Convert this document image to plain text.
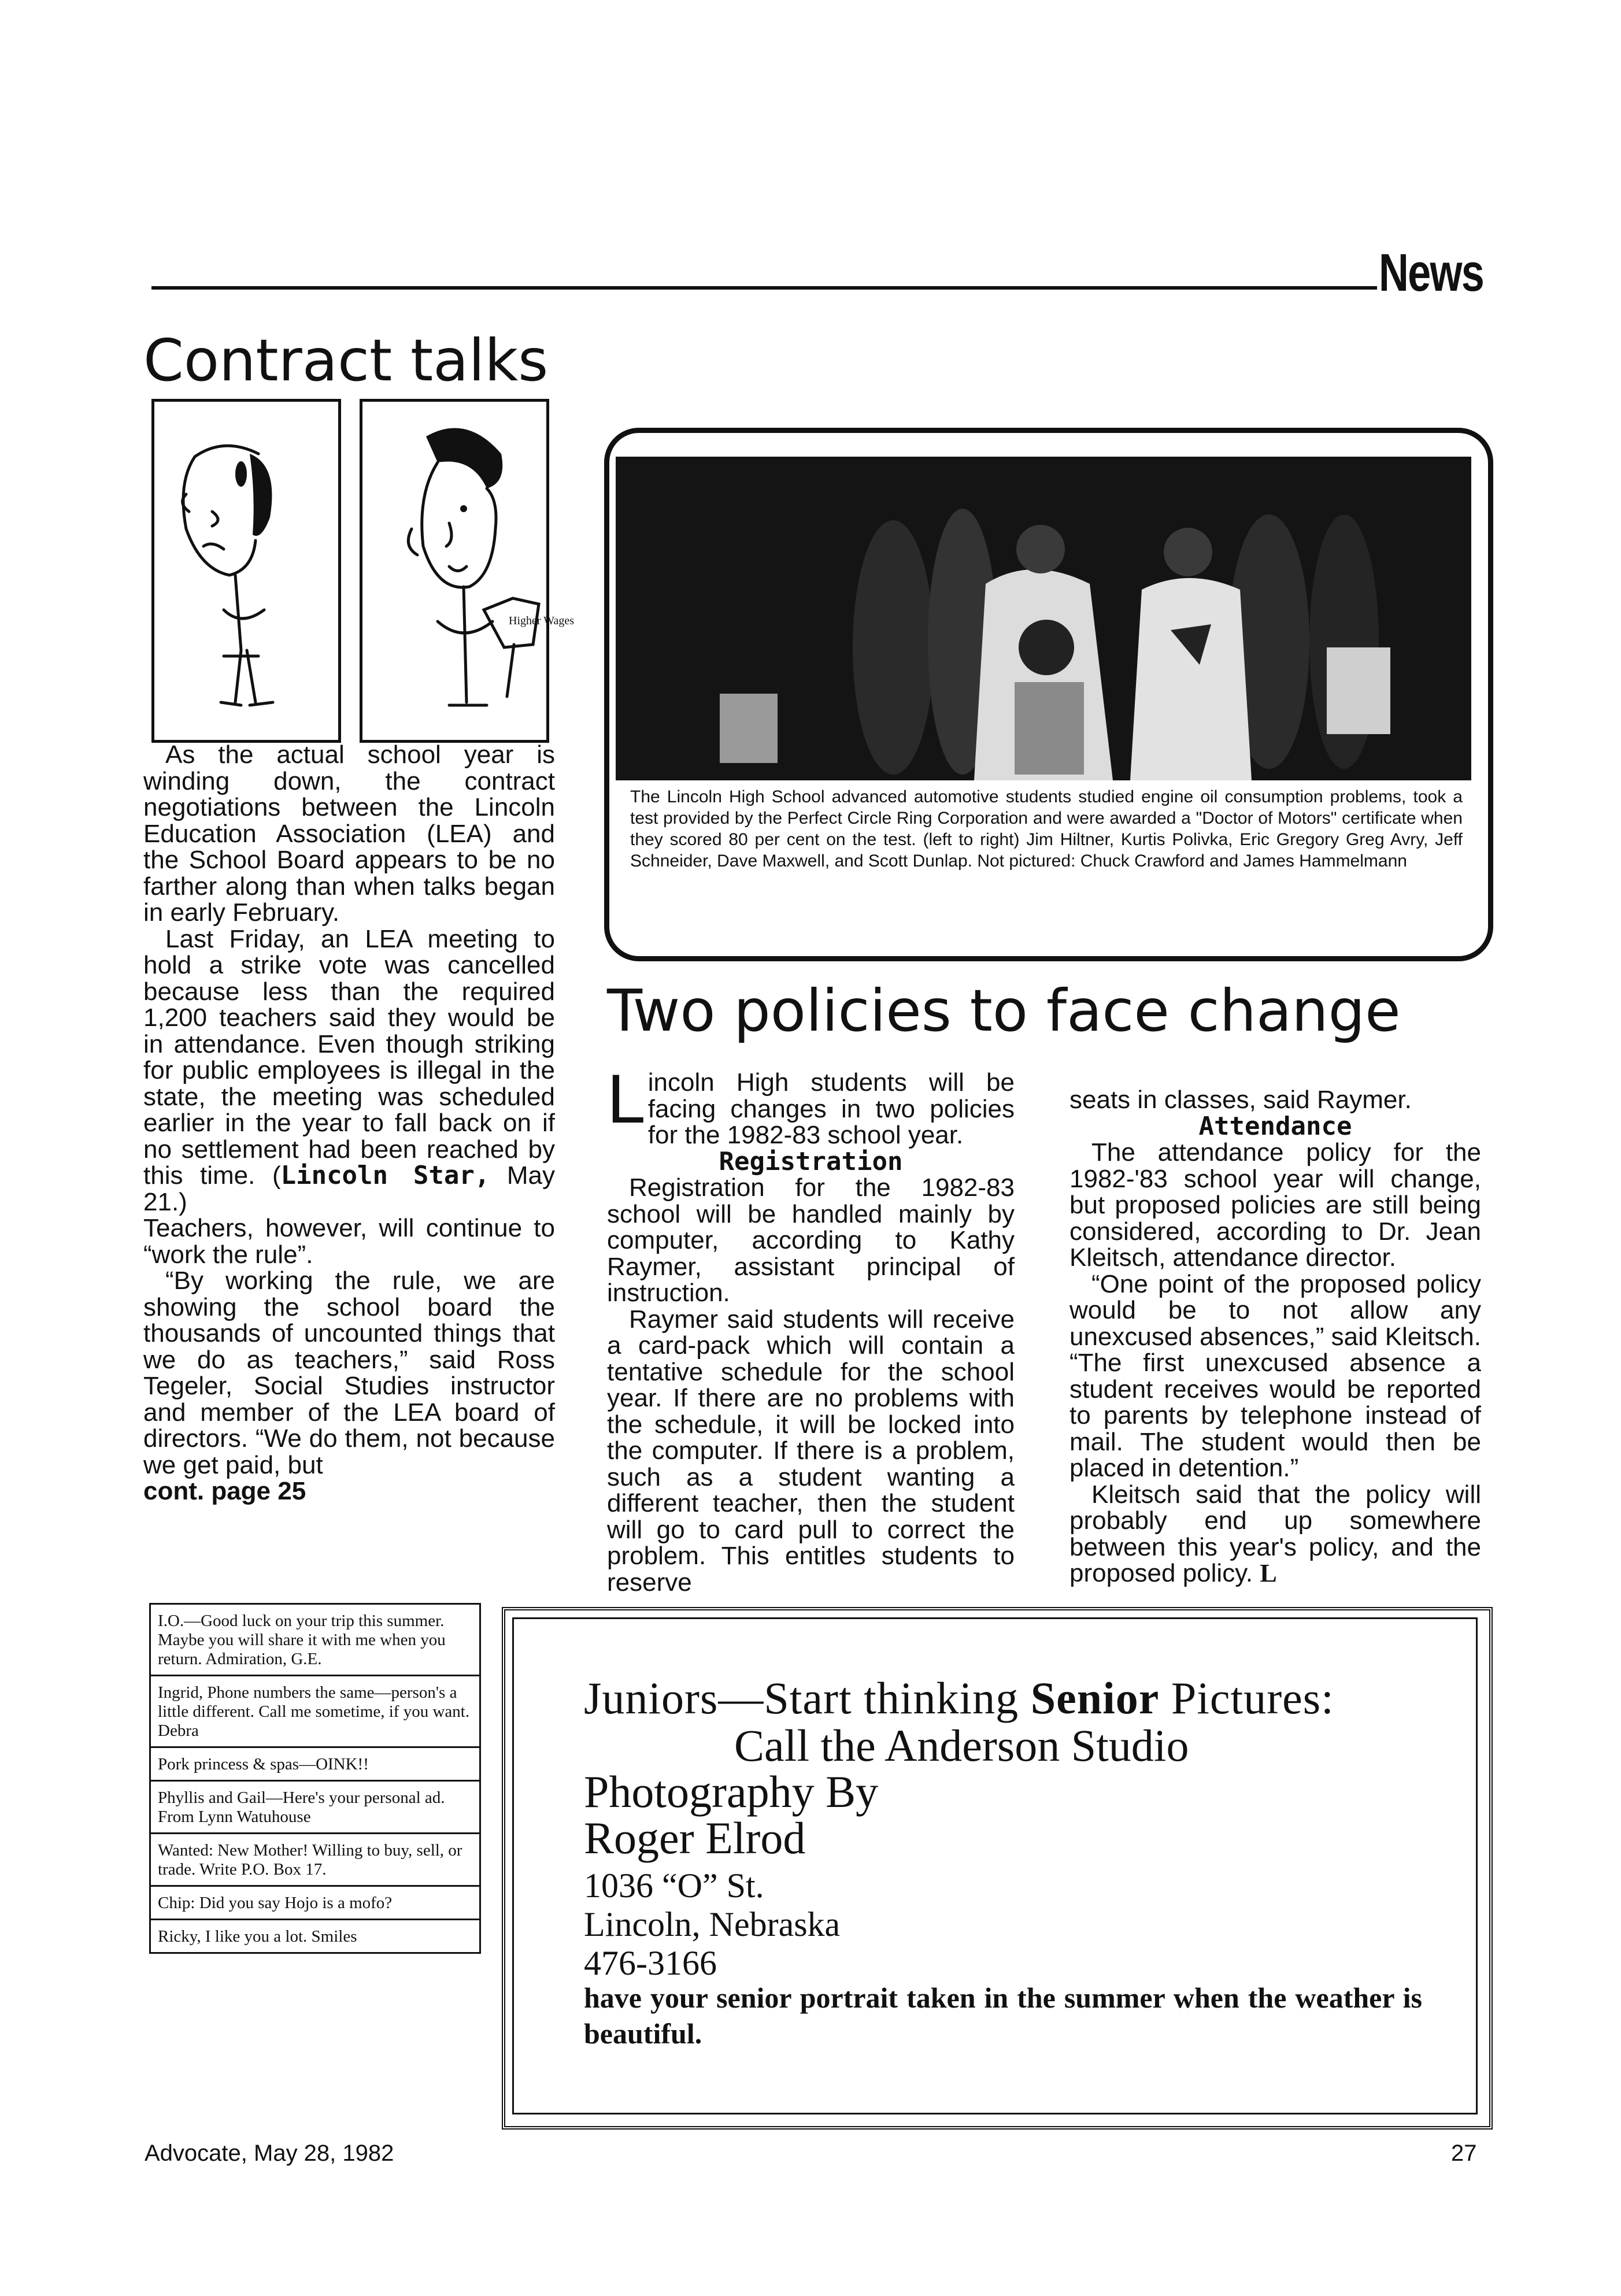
News
Contract talks
Higher Wages

As the actual school year is winding down, the contract negotiations between the Lincoln Education Association (LEA) and the School Board appears to be no farther along than when talks began in early February.

Last Friday, an LEA meeting to hold a strike vote was cancelled because less than the required 1,200 teachers said they would be in attendance. Even though striking for public employees is illegal in the state, the meeting was scheduled earlier in the year to fall back on if no settlement had been reached by this time. (Lincoln Star, May 21.)

Teachers, however, will continue to “work the rule”.

“By working the rule, we are showing the school board the thousands of uncounted things that we do as teachers,” said Ross Tegeler, Social Studies instructor and member of the LEA board of directors. “We do them, not because we get paid, but

cont. page 25

The Lincoln High School advanced automotive students studied engine oil consumption problems, took a test provided by the Perfect Circle Ring Corporation and were awarded a "Doctor of Motors" certificate when they scored 80 per cent on the test. (left to right) Jim Hiltner, Kurtis Polivka, Eric Gregory Greg Avry, Jeff Schneider, Dave Maxwell, and Scott Dunlap. Not pictured: Chuck Crawford and James Hammelmann
Two policies to face change

Lincoln High students will be facing changes in two policies for the 1982-83 school year.

Registration

Registration for the 1982-83 school will be handled mainly by computer, according to Kathy Raymer, assistant principal of instruction.

Raymer said students will receive a card-pack which will contain a tentative schedule for the school year. If there are no problems with the schedule, it will be locked into the computer. If there is a problem, such as a student wanting a different teacher, then the student will go to card pull to correct the problem. This entitles students to reserve

seats in classes, said Raymer.

Attendance

The attendance policy for the 1982-'83 school year will change, but proposed policies are still being considered, according to Dr. Jean Kleitsch, attendance director.

“One point of the proposed policy would be to not allow any unexcused absences,” said Kleitsch. “The first unexcused absence a student receives would be reported to parents by telephone instead of mail. The student would then be placed in detention.”

Kleitsch said that the policy will probably end up somewhere between this year's policy, and the proposed policy. L

I.O.—Good luck on your trip this summer. Maybe you will share it with me when you return. Admiration, G.E.
Ingrid, Phone numbers the same—person's a little different. Call me sometime, if you want. Debra
Pork princess & spas—OINK!!
Phyllis and Gail—Here's your personal ad. From Lynn Watuhouse
Wanted: New Mother! Willing to buy, sell, or trade. Write P.O. Box 17.
Chip: Did you say Hojo is a mofo?
Ricky, I like you a lot. Smiles
Juniors—Start thinking Senior Pictures:
Call the Anderson Studio
Photography By
Roger Elrod
1036 “O” St.
Lincoln, Nebraska
476-3166
have your senior portrait taken in the summer when the weather is beautiful.
Advocate, May 28, 1982	27
